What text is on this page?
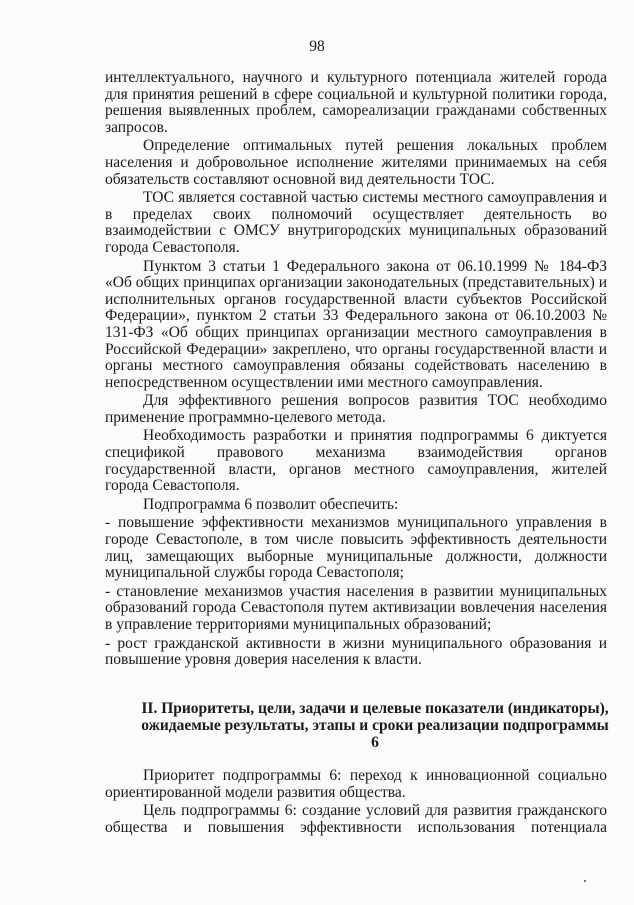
98

интеллектуального, научного и культурного потенциала жителей города для принятия решений в сфере социальной и культурной политики города, решения выявленных проблем, самореализации гражданами собственных запросов.

Определение оптимальных путей решения локальных проблем населения и добровольное исполнение жителями принимаемых на себя обязательств составляют основной вид деятельности ТОС.

ТОС является составной частью системы местного самоуправления и в пределах своих полномочий осуществляет деятельность во взаимодействии с ОМСУ внутригородских муниципальных образований города Севастополя.

Пунктом 3 статьи 1 Федерального закона от 06.10.1999 № 184-ФЗ «Об общих принципах организации законодательных (представительных) и исполнительных органов государственной власти субъектов Российской Федерации», пунктом 2 статьи 33 Федерального закона от 06.10.2003 № 131-ФЗ «Об общих принципах организации местного самоуправления в Российской Федерации» закреплено, что органы государственной власти и органы местного самоуправления обязаны содействовать населению в непосредственном осуществлении ими местного самоуправления.

Для эффективного решения вопросов развития ТОС необходимо применение программно-целевого метода.

Необходимость разработки и принятия подпрограммы 6 диктуется спецификой правового механизма взаимодействия органов государственной власти, органов местного самоуправления, жителей города Севастополя.

Подпрограмма 6 позволит обеспечить:

- повышение эффективности механизмов муниципального управления в городе Севастополе, в том числе повысить эффективность деятельности лиц, замещающих выборные муниципальные должности, должности муниципальной службы города Севастополя;

- становление механизмов участия населения в развитии муниципальных образований города Севастополя путем активизации вовлечения населения в управление территориями муниципальных образований;

- рост гражданской активности в жизни муниципального образования и повышение уровня доверия населения к власти.

II. Приоритеты, цели, задачи и целевые показатели (индикаторы), ожидаемые результаты, этапы и сроки реализации подпрограммы 6

Приоритет подпрограммы 6: переход к инновационной социально ориентированной модели развития общества.

Цель подпрограммы 6: создание условий для развития гражданского общества и повышения эффективности использования потенциала
